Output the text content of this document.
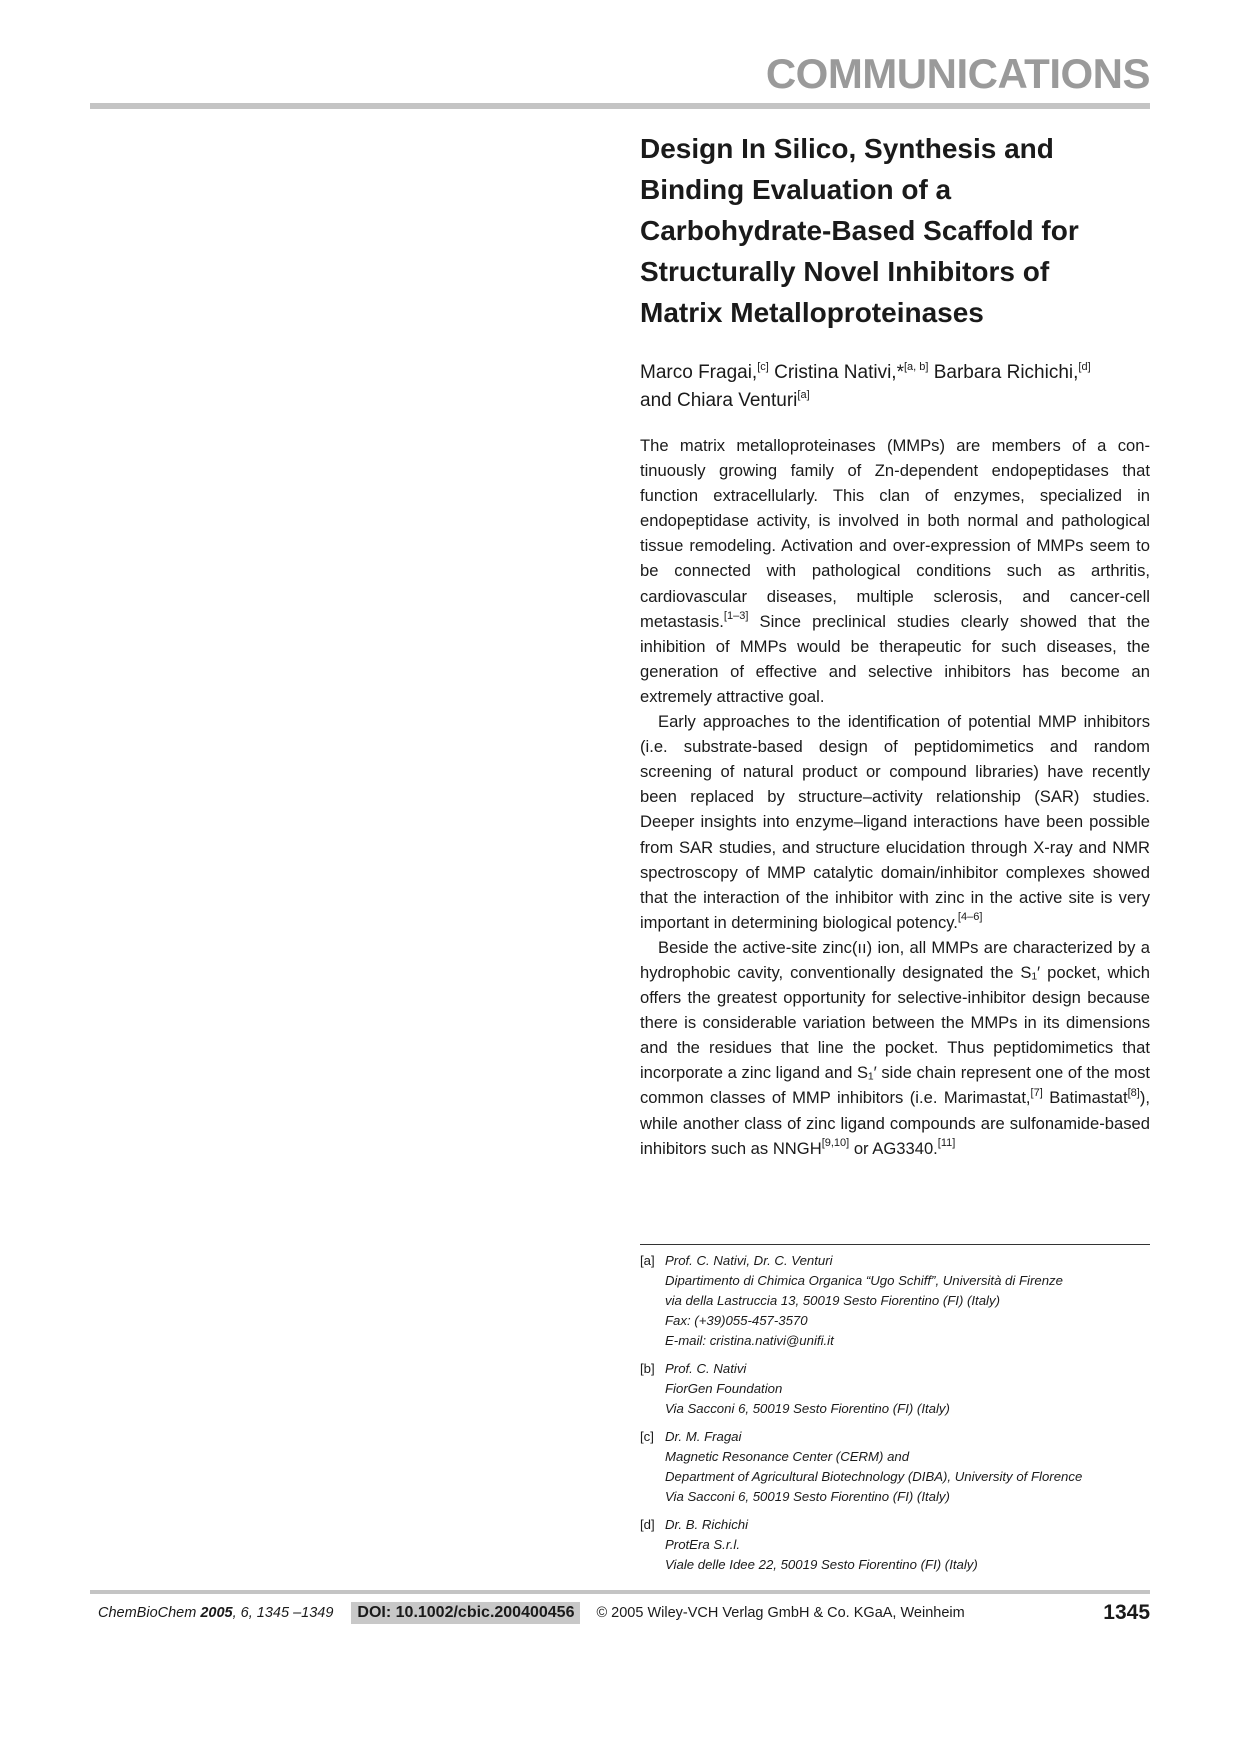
COMMUNICATIONS
Design In Silico, Synthesis and
Binding Evaluation of a
Carbohydrate-Based Scaffold for
Structurally Novel Inhibitors of
Matrix Metalloproteinases
Marco Fragai,[c] Cristina Nativi,*[a, b] Barbara Richichi,[d]
and Chiara Venturi[a]

The matrix metalloproteinases (MMPs) are members of a continuously growing family of Zn-dependent endopeptidases that function extracellularly. This clan of enzymes, specialized in endopeptidase activity, is involved in both normal and pathological tissue remodeling. Activation and over-expression of MMPs seem to be connected with pathological conditions such as arthritis, cardiovascular diseases, multiple sclerosis, and cancer-cell metastasis.[1–3] Since preclinical studies clearly showed that the inhibition of MMPs would be therapeutic for such diseases, the generation of effective and selective inhibitors has become an extremely attractive goal.

Early approaches to the identification of potential MMP inhibitors (i.e. substrate-based design of peptidomimetics and random screening of natural product or compound libraries) have recently been replaced by structure–activity relationship (SAR) studies. Deeper insights into enzyme–ligand interactions have been possible from SAR studies, and structure elucidation through X-ray and NMR spectroscopy of MMP catalytic domain/inhibitor complexes showed that the interaction of the inhibitor with zinc in the active site is very important in determining biological potency.[4–6]

Beside the active-site zinc(ıı) ion, all MMPs are characterized by a hydrophobic cavity, conventionally designated the S₁′ pocket, which offers the greatest opportunity for selective-inhibitor design because there is considerable variation between the MMPs in its dimensions and the residues that line the pocket. Thus peptidomimetics that incorporate a zinc ligand and S₁′ side chain represent one of the most common classes of MMP inhibitors (i.e. Marimastat,[7] Batimastat[8]), while another class of zinc ligand compounds are sulfonamide-based inhibitors such as NNGH[9,10] or AG3340.[11]

[a] Prof. C. Nativi, Dr. C. Venturi
Dipartimento di Chimica Organica “Ugo Schiff”, Università di Firenze
via della Lastruccia 13, 50019 Sesto Fiorentino (FI) (Italy)
Fax: (+39)055-457-3570
E-mail: cristina.nativi@unifi.it
[b] Prof. C. Nativi
FiorGen Foundation
Via Sacconi 6, 50019 Sesto Fiorentino (FI) (Italy)
[c] Dr. M. Fragai
Magnetic Resonance Center (CERM) and
Department of Agricultural Biotechnology (DIBA), University of Florence
Via Sacconi 6, 50019 Sesto Fiorentino (FI) (Italy)
[d] Dr. B. Richichi
ProtEra S.r.l.
Viale delle Idee 22, 50019 Sesto Fiorentino (FI) (Italy)
ChemBioChem 2005, 6, 1345 –1349	DOI: 10.1002/cbic.200400456	© 2005 Wiley-VCH Verlag GmbH & Co. KGaA, Weinheim	1345
